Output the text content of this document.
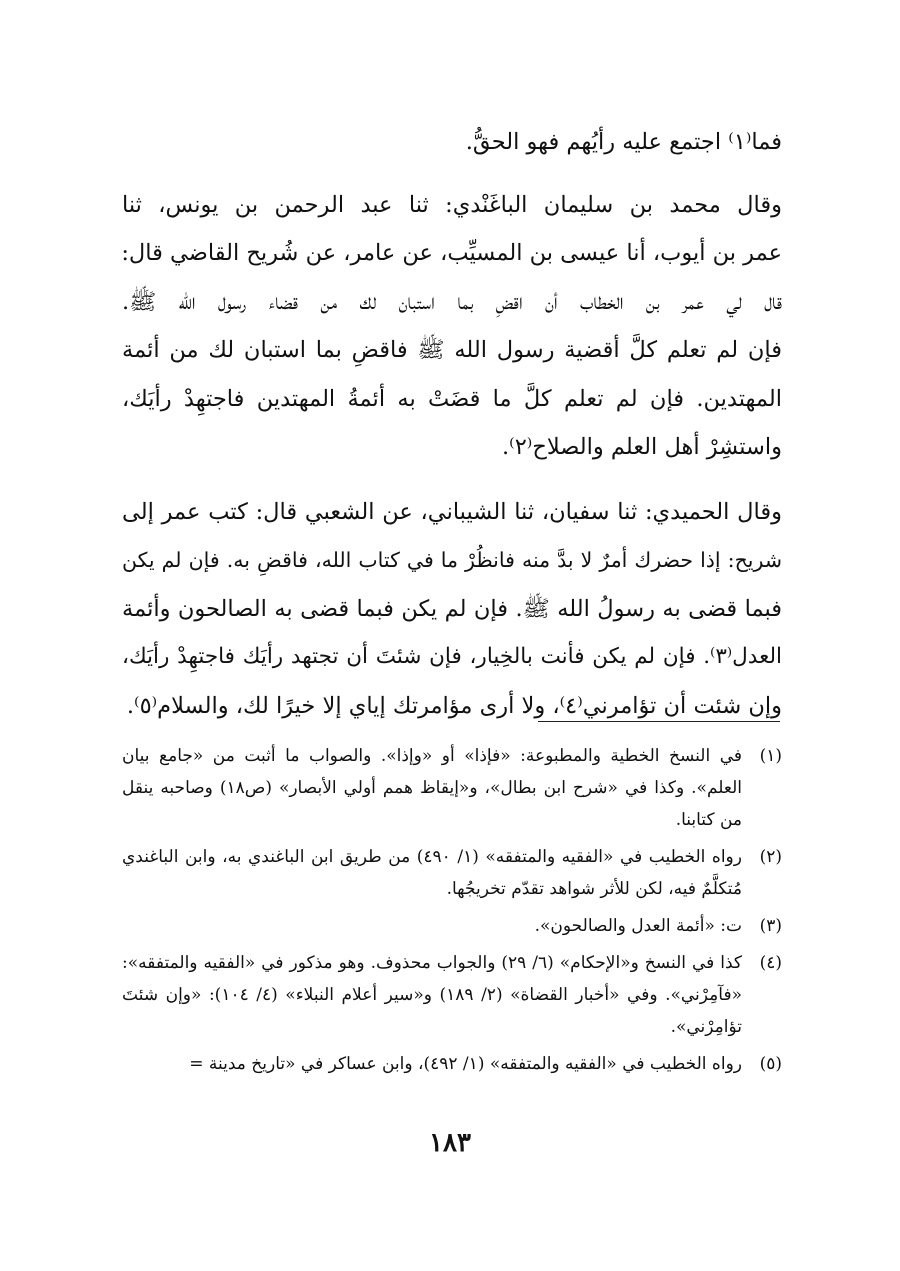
فما⁽١⁾ اجتمع عليه رأيُهم فهو الحقُّ.

وقال محمد بن سليمان الباغَنْدي: ثنا عبد الرحمن بن يونس، ثنا
عمر بن أيوب، أنا عيسى بن المسيِّب، عن عامر، عن شُريح القاضي قال:
قال لي عمر بن الخطاب أن اقضِ بما استبان لك من قضاء رسول الله ﷺ.
فإن لم تعلم كلَّ أقضية رسول الله ﷺ فاقضِ بما استبان لك من أئمة
المهتدين. فإن لم تعلم كلَّ ما قضَتْ به أئمةُ المهتدين فاجتهِدْ رأيَك،
واستشِرْ أهل العلم والصلاح⁽٢⁾.

وقال الحميدي: ثنا سفيان، ثنا الشيباني، عن الشعبي قال: كتب عمر إلى
شريح: إذا حضرك أمرٌ لا بدَّ منه فانظُرْ ما في كتاب الله، فاقضِ به. فإن لم يكن
فبما قضى به رسولُ الله ﷺ. فإن لم يكن فبما قضى به الصالحون وأئمة
العدل⁽٣⁾. فإن لم يكن فأنت بالخِيار، فإن شئتَ أن تجتهد رأيَك فاجتهِدْ رأيَك،
وإن شئت أن تؤامرني⁽٤⁾، ولا أرى مؤامرتك إياي إلا خيرًا لك، والسلام⁽٥⁾.

(١)
في النسخ الخطية والمطبوعة: «فإذا» أو «وإذا». والصواب ما أثبت من «جامع بيان العلم». وكذا في «شرح ابن بطال»، و«إيقاظ همم أولي الأبصار» (ص١٨) وصاحبه ينقل من كتابنا.
(٢)
رواه الخطيب في «الفقيه والمتفقه» (١/ ٤٩٠) من طريق ابن الباغندي به، وابن الباغندي مُتكلَّمٌ فيه، لكن للأثر شواهد تقدّم تخريجُها.
(٣)
ت: «أئمة العدل والصالحون».
(٤)
كذا في النسخ و«الإحكام» (٦/ ٢٩) والجواب محذوف. وهو مذكور في «الفقيه والمتفقه»: «فآمِرْني». وفي «أخبار القضاة» (٢/ ١٨٩) و«سير أعلام النبلاء» (٤/ ١٠٤): «وإن شئتَ تؤامِرْني».
(٥)
رواه الخطيب في «الفقيه والمتفقه» (١/ ٤٩٢)، وابن عساكر في «تاريخ مدينة =
١٨٣
